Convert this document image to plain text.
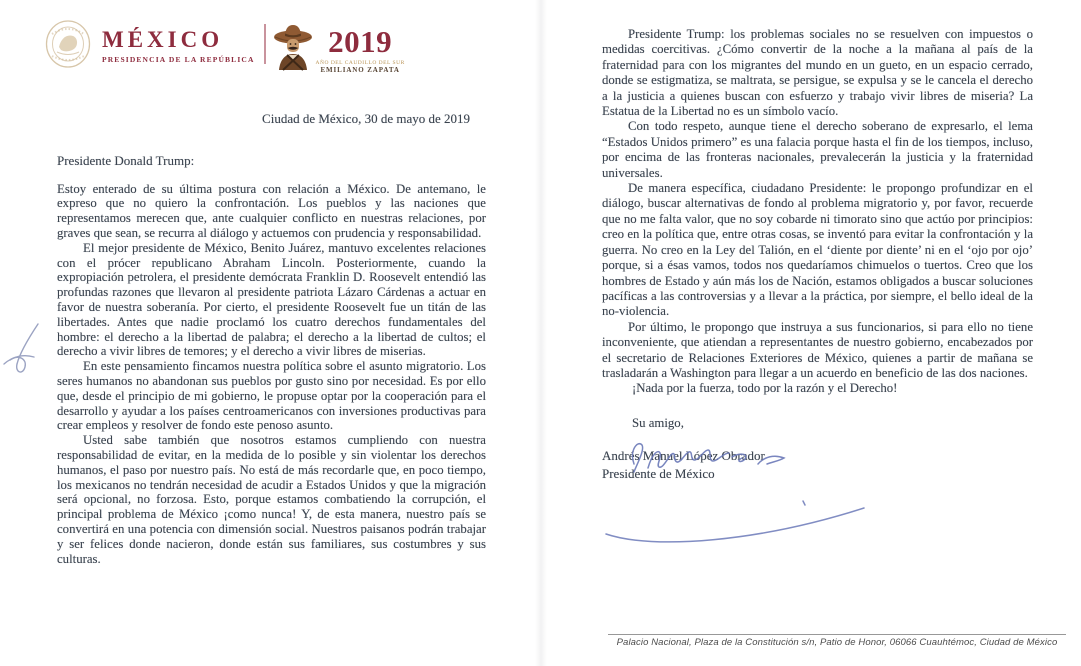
MÉXICO
PRESIDENCIA DE LA REPÚBLICA
2019
AÑO DEL CAUDILLO DEL SUR
EMILIANO ZAPATA
Ciudad de México, 30 de mayo de 2019
Presidente Donald Trump:

Estoy enterado de su última postura con relación a México. De antemano, le expreso que no quiero la confrontación. Los pueblos y las naciones que representamos merecen que, ante cualquier conflicto en nuestras relaciones, por graves que sean, se recurra al diálogo y actuemos con prudencia y responsabilidad.

El mejor presidente de México, Benito Juárez, mantuvo excelentes relaciones con el prócer republicano Abraham Lincoln. Posteriormente, cuando la expropiación petrolera, el presidente demócrata Franklin D. Roosevelt entendió las profundas razones que llevaron al presidente patriota Lázaro Cárdenas a actuar en favor de nuestra soberanía. Por cierto, el presidente Roosevelt fue un titán de las libertades. Antes que nadie proclamó los cuatro derechos fundamentales del hombre: el derecho a la libertad de palabra; el derecho a la libertad de cultos; el derecho a vivir libres de temores; y el derecho a vivir libres de miserias.

En este pensamiento fincamos nuestra política sobre el asunto migratorio. Los seres humanos no abandonan sus pueblos por gusto sino por necesidad. Es por ello que, desde el principio de mi gobierno, le propuse optar por la cooperación para el desarrollo y ayudar a los países centroamericanos con inversiones productivas para crear empleos y resolver de fondo este penoso asunto.

Usted sabe también que nosotros estamos cumpliendo con nuestra responsabilidad de evitar, en la medida de lo posible y sin violentar los derechos humanos, el paso por nuestro país. No está de más recordarle que, en poco tiempo, los mexicanos no tendrán necesidad de acudir a Estados Unidos y que la migración será opcional, no forzosa. Esto, porque estamos combatiendo la corrupción, el principal problema de México ¡como nunca! Y, de esta manera, nuestro país se convertirá en una potencia con dimensión social. Nuestros paisanos podrán trabajar y ser felices donde nacieron, donde están sus familiares, sus costumbres y sus culturas.

Presidente Trump: los problemas sociales no se resuelven con impuestos o medidas coercitivas. ¿Cómo convertir de la noche a la mañana al país de la fraternidad para con los migrantes del mundo en un gueto, en un espacio cerrado, donde se estigmatiza, se maltrata, se persigue, se expulsa y se le cancela el derecho a la justicia a quienes buscan con esfuerzo y trabajo vivir libres de miseria? La Estatua de la Libertad no es un símbolo vacío.

Con todo respeto, aunque tiene el derecho soberano de expresarlo, el lema “Estados Unidos primero” es una falacia porque hasta el fin de los tiempos, incluso, por encima de las fronteras nacionales, prevalecerán la justicia y la fraternidad universales.

De manera específica, ciudadano Presidente: le propongo profundizar en el diálogo, buscar alternativas de fondo al problema migratorio y, por favor, recuerde que no me falta valor, que no soy cobarde ni timorato sino que actúo por principios: creo en la política que, entre otras cosas, se inventó para evitar la confrontación y la guerra. No creo en la Ley del Talión, en el ‘diente por diente’ ni en el ‘ojo por ojo’ porque, si a ésas vamos, todos nos quedaríamos chimuelos o tuertos. Creo que los hombres de Estado y aún más los de Nación, estamos obligados a buscar soluciones pacíficas a las controversias y a llevar a la práctica, por siempre, el bello ideal de la no-violencia.

Por último, le propongo que instruya a sus funcionarios, si para ello no tiene inconveniente, que atiendan a representantes de nuestro gobierno, encabezados por el secretario de Relaciones Exteriores de México, quienes a partir de mañana se trasladarán a Washington para llegar a un acuerdo en beneficio de las dos naciones.

¡Nada por la fuerza, todo por la razón y el Derecho!

Su amigo,
Andrés Manuel López Obrador
Presidente de México
Palacio Nacional, Plaza de la Constitución s/n, Patio de Honor, 06066 Cuauhtémoc, Ciudad de México
